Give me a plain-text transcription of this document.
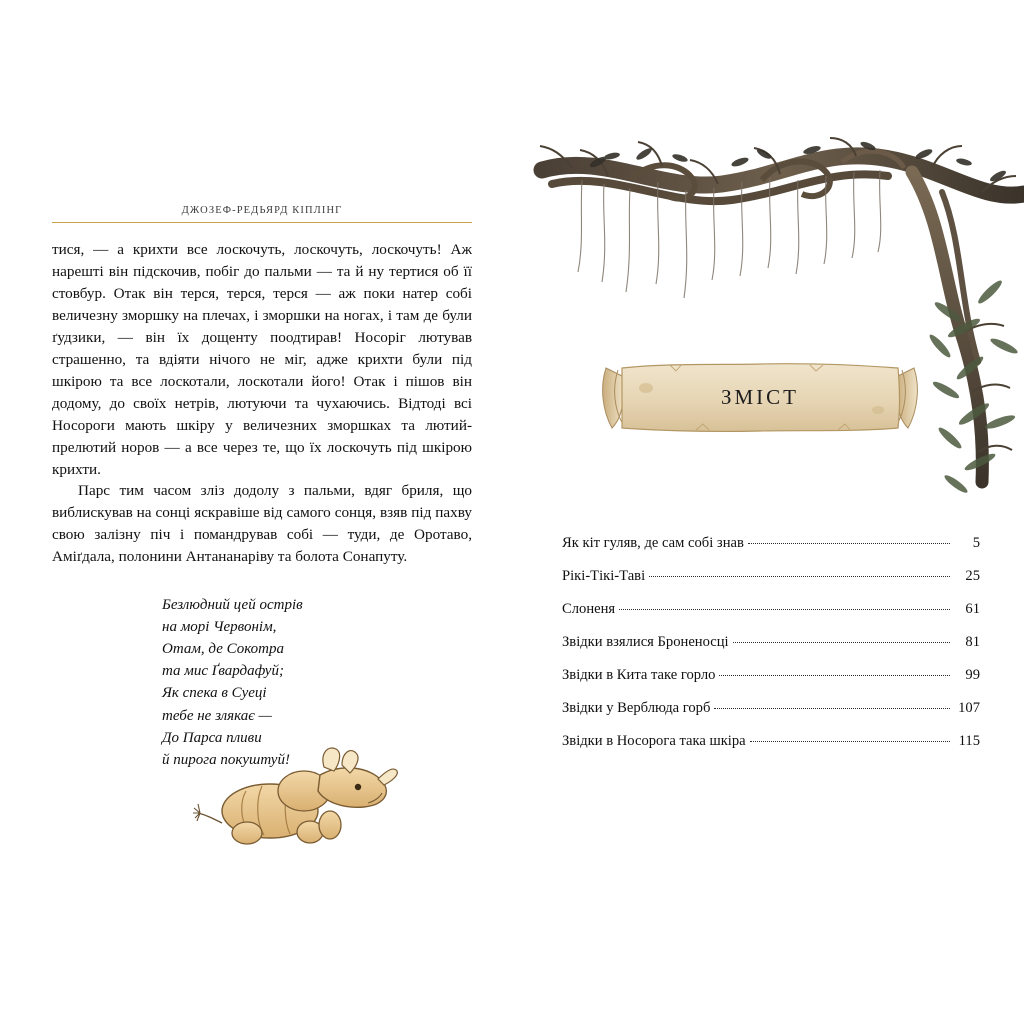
ДЖОЗЕФ-РЕДЬЯРД КІПЛІНГ

тися, — а крихти все лоскочуть, лоскочуть, лоскочуть! Аж нарешті він підскочив, побіг до пальми — та й ну тертися об її стовбур. Отак він терся, терся, терся — аж поки натер собі величезну зморшку на плечах, і зморшки на ногах, і там де були ґудзики, — він їх дощенту поодтирав! Носоріг лютував страшенно, та вдіяти нічого не міг, адже крихти були під шкірою та все лоскотали, лоскотали його! Отак і пішов він додому, до своїх нетрів, лютуючи та чухаючись. Відтоді всі Носороги мають шкіру у величезних зморшках та лютий-прелютий норов — а все через те, що їх лоскочуть під шкірою крихти.

Парс тим часом зліз додолу з пальми, вдяг бриля, що виблискував на сонці яскравіше від самого сонця, взяв під пахву свою залізну піч і помандрував собі — туди, де Оротаво, Аміґдала, полонини Антананаріву та болота Сонапуту.

Безлюдний цей острів
на морі Червонім,
Отам, де Сокотра
та мис Ґвардафуй;
Як спека в Суеці
тебе не злякає —
До Парса пливи
й пирога покуштуй!
ЗМІСТ
Як кіт гуляв, де сам собі знав	5
Рікі-Тікі-Таві	25
Слоненя	61
Звідки взялися Броненосці	81
Звідки в Кита таке горло	99
Звідки у Верблюда горб	107
Звідки в Носорога така шкіра	115
